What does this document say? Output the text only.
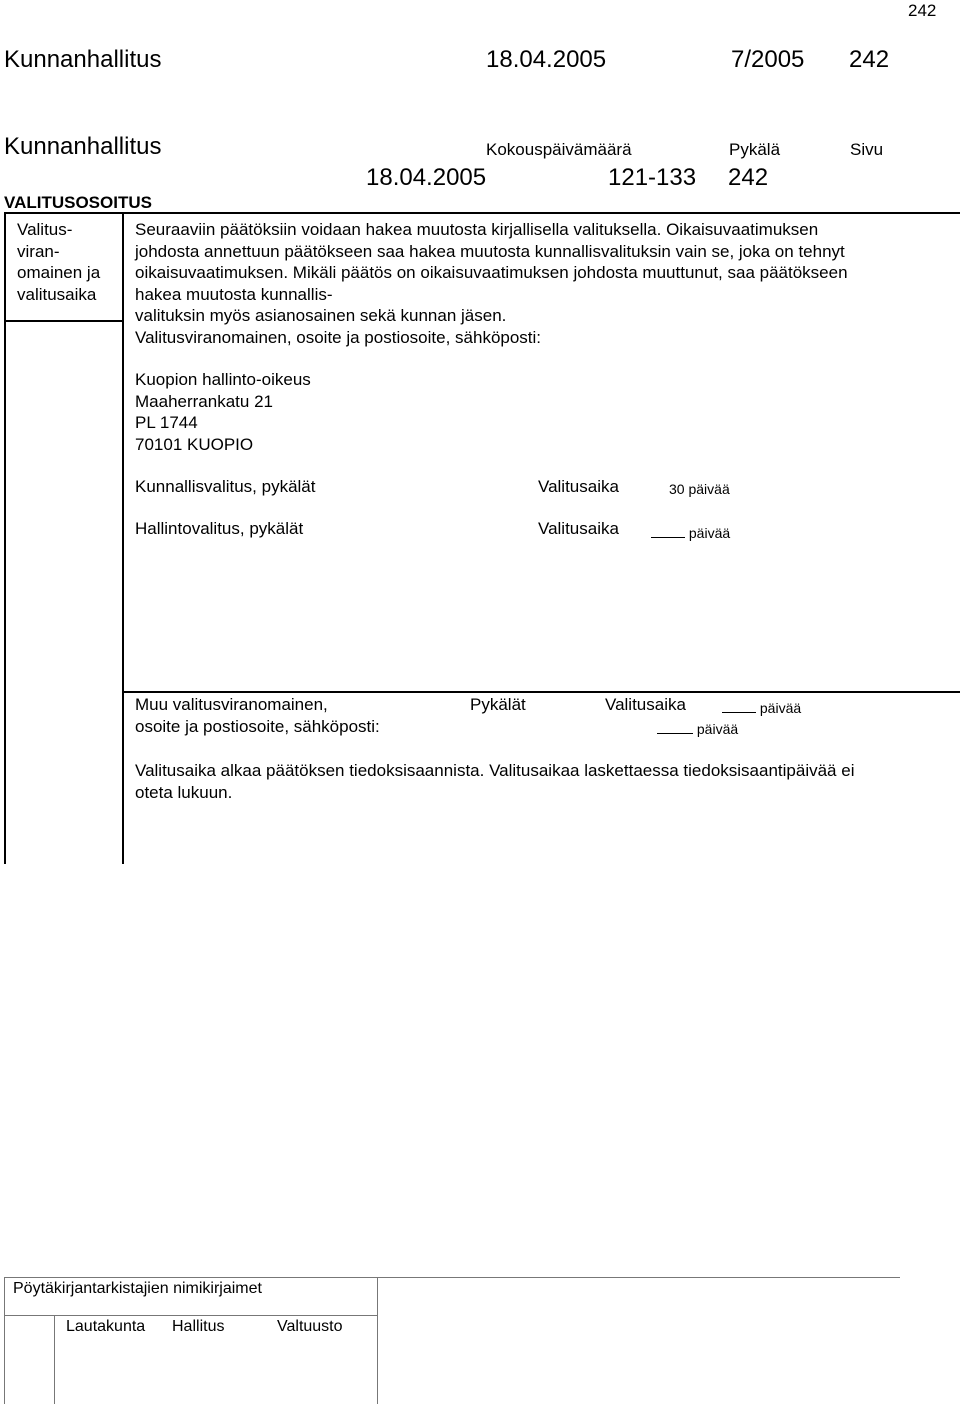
242
Kunnanhallitus	18.04.2005	7/2005 242
Kunnanhallitus	Kokouspäivämäärä	Pykälä	Sivu
18.04.2005	121-133 242
VALITUSOSOITUS
Valitus-
viran-
omainen ja
valitusaika
Seuraaviin päätöksiin voidaan hakea muutosta kirjallisella valituksella. Oikaisuvaatimuksen
johdosta annettuun päätökseen saa hakea muutosta kunnallisvalituksin vain se, joka on tehnyt
oikaisuvaatimuksen. Mikäli päätös on oikaisuvaatimuksen johdosta muuttunut, saa päätökseen
hakea muutosta kunnallis-
valituksin myös asianosainen sekä kunnan jäsen.
Valitusviranomainen, osoite ja postiosoite, sähköposti:
Kuopion hallinto-oikeus
Maaherrankatu 21
PL 1744
70101 KUOPIO
Kunnallisvalitus, pykälät	Valitusaika	30 päivää
Hallintovalitus, pykälät	Valitusaika	päivää
Muu valitusviranomainen,
osoite ja postiosoite, sähköposti:
Pykälät	Valitusaika	päivää
päivää
Valitusaika alkaa päätöksen tiedoksisaannista. Valitusaikaa laskettaessa tiedoksisaantipäivää ei
oteta lukuun.
Pöytäkirjantarkistajien nimikirjaimet
Lautakunta Hallitus	Valtuusto
